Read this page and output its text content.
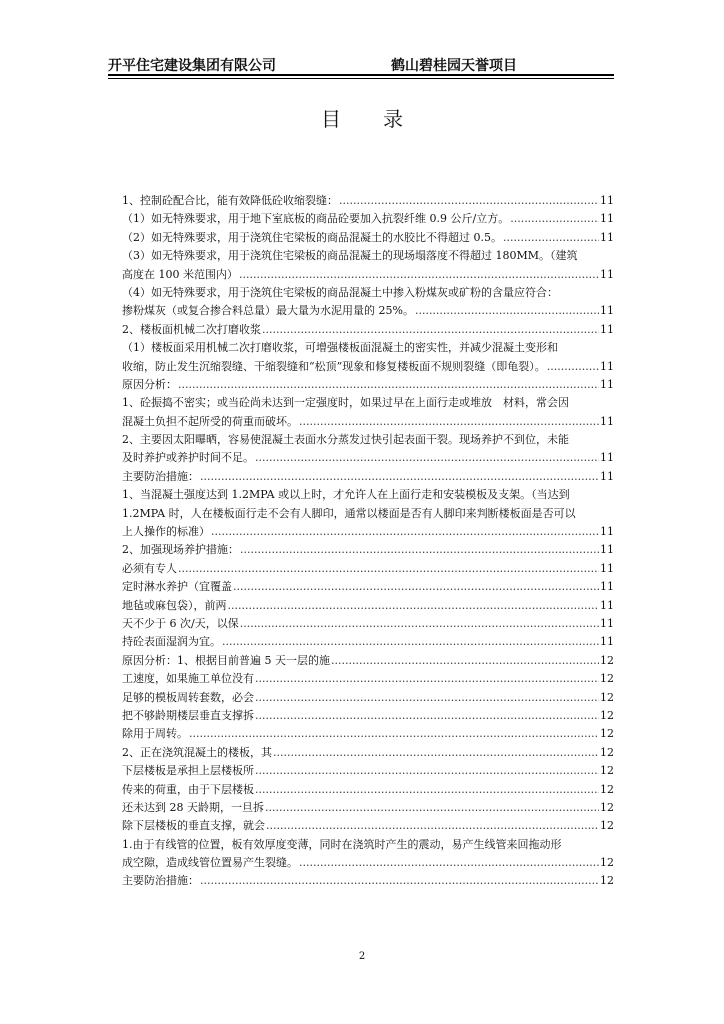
开平住宅建设集团有限公司	鹤山碧桂园天誉项目
目录
1、控制砼配合比，能有效降低砼收缩裂缝： .....	11
（1）如无特殊要求，用于地下室底板的商品砼要加入抗裂纤维 0.9 公斤/立方。 .....	11
（2）如无特殊要求，用于浇筑住宅梁板的商品混凝土的水胶比不得超过 0.5。 .....	11
（3）如无特殊要求，用于浇筑住宅梁板的商品混凝土的现场塌落度不得超过 180MM。（建筑
高度在 100 米范围内） .....	11
（4）如无特殊要求，用于浇筑住宅梁板的商品混凝土中掺入粉煤灰或矿粉的含量应符合：
掺粉煤灰（或复合掺合料总量）最大量为水泥用量的 25%。 .....	11
2、楼板面机械二次打磨收浆 .....	11
（1）楼板面采用机械二次打磨收浆，可增强楼板面混凝土的密实性，并减少混凝土变形和
收缩，防止发生沉缩裂缝、干缩裂缝和“松顶”现象和修复楼板面不规则裂缝（即龟裂）。 .....	11
原因分析： .....	11
1、砼振捣不密实；或当砼尚未达到一定强度时，如果过早在上面行走或堆放　材料，常会因
混凝土负担不起所受的荷重而破坏。 .....	11
2、主要因太阳曝晒，容易使混凝土表面水分蒸发过快引起表面干裂。现场养护不到位，未能
及时养护或养护时间不足。 .....	11
主要防治措施： .....	11
1、当混凝土强度达到 1.2MPA 或以上时，才允许人在上面行走和安装模板及支架。（当达到
1.2MPA 时，人在楼板面行走不会有人脚印，通常以楼面是否有人脚印来判断楼板面是否可以
上人操作的标准） .....	11
2、加强现场养护措施： .....	11
必须有专人 .....	11
定时淋水养护（宜覆盖 .....	11
地毡或麻包袋），前两 .....	11
天不少于 6 次/天，以保 .....	11
持砼表面湿润为宜。 .....	11
原因分析：1、根据目前普遍 5 天一层的施 .....	12
工速度，如果施工单位没有 .....	12
足够的模板周转套数，必会 .....	12
把不够龄期楼层垂直支撑拆 .....	12
除用于周转。 .....	12
2、正在浇筑混凝土的楼板，其 .....	12
下层楼板是承担上层楼板所 .....	12
传来的荷重，由于下层楼板 .....	12
还未达到 28 天龄期，一旦拆 .....	12
除下层楼板的垂直支撑，就会 .....	12
1.由于有线管的位置，板有效厚度变薄，同时在浇筑时产生的震动，易产生线管来回拖动形
成空隙，造成线管位置易产生裂缝。 .....	12
主要防治措施： .....	12
2
